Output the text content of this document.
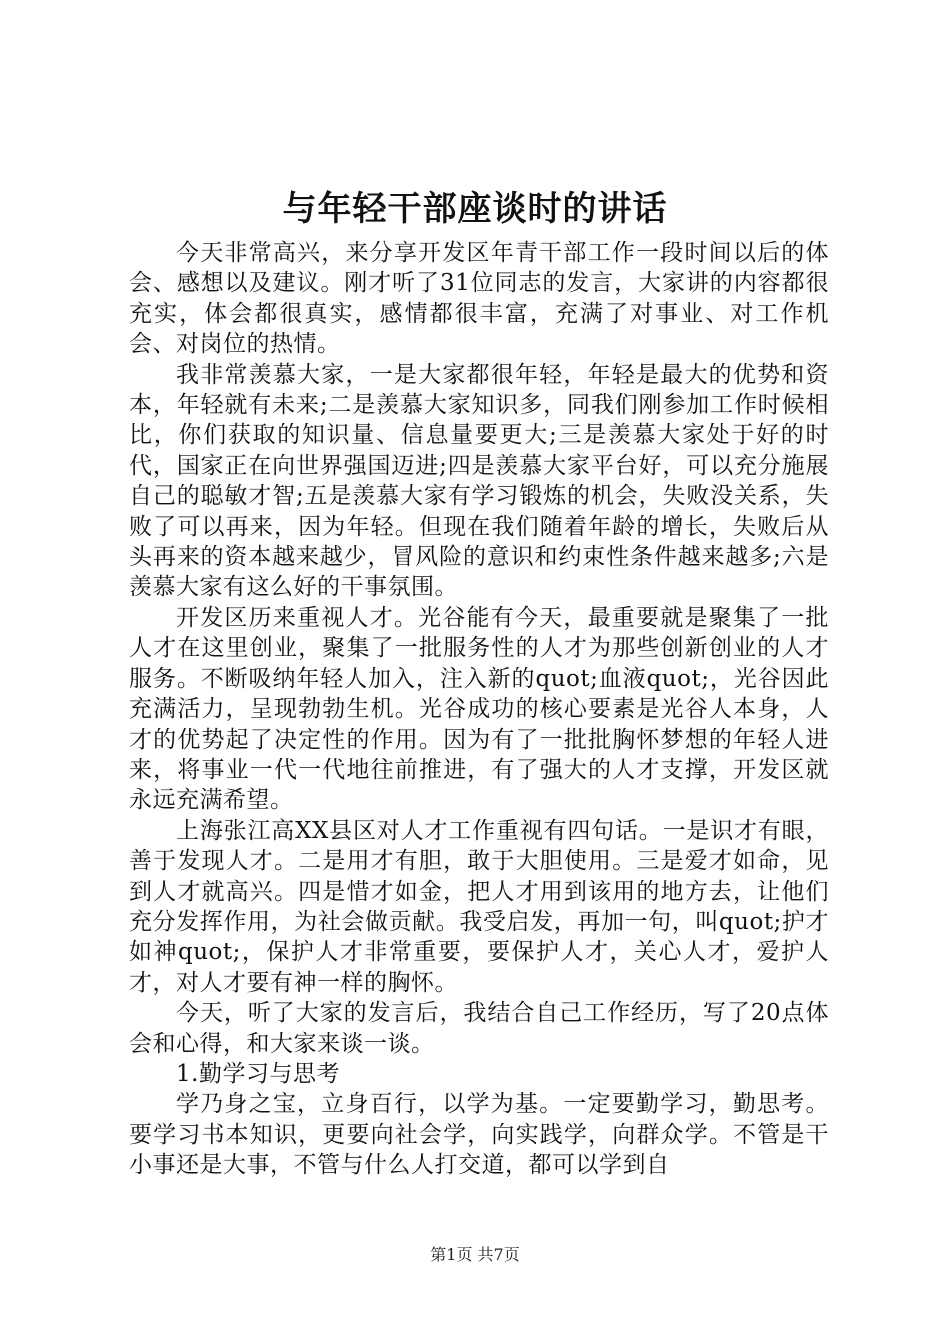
与年轻干部座谈时的讲话

今天非常高兴，来分享开发区年青干部工作一段时间以后的体会、感想以及建议。刚才听了31位同志的发言，大家讲的内容都很充实，体会都很真实，感情都很丰富，充满了对事业、对工作机会、对岗位的热情。

我非常羡慕大家，一是大家都很年轻，年轻是最大的优势和资本，年轻就有未来;二是羡慕大家知识多，同我们刚参加工作时候相比，你们获取的知识量、信息量要更大;三是羡慕大家处于好的时代，国家正在向世界强国迈进;四是羡慕大家平台好，可以充分施展自己的聪敏才智;五是羡慕大家有学习锻炼的机会，失败没关系，失败了可以再来，因为年轻。但现在我们随着年龄的增长，失败后从头再来的资本越来越少，冒风险的意识和约束性条件越来越多;六是羡慕大家有这么好的干事氛围。

开发区历来重视人才。光谷能有今天，最重要就是聚集了一批人才在这里创业，聚集了一批服务性的人才为那些创新创业的人才服务。不断吸纳年轻人加入，注入新的quot;血液quot;，光谷因此充满活力，呈现勃勃生机。光谷成功的核心要素是光谷人本身，人才的优势起了决定性的作用。因为有了一批批胸怀梦想的年轻人进来，将事业一代一代地往前推进，有了强大的人才支撑，开发区就永远充满希望。

上海张江高XX县区对人才工作重视有四句话。一是识才有眼，善于发现人才。二是用才有胆，敢于大胆使用。三是爱才如命，见到人才就高兴。四是惜才如金，把人才用到该用的地方去，让他们充分发挥作用，为社会做贡献。我受启发，再加一句，叫quot;护才如神quot;，保护人才非常重要，要保护人才，关心人才，爱护人才，对人才要有神一样的胸怀。

今天，听了大家的发言后，我结合自己工作经历，写了20点体会和心得，和大家来谈一谈。

1.勤学习与思考

学乃身之宝，立身百行，以学为基。一定要勤学习，勤思考。要学习书本知识，更要向社会学，向实践学，向群众学。不管是干小事还是大事，不管与什么人打交道，都可以学到自

第1页 共7页
